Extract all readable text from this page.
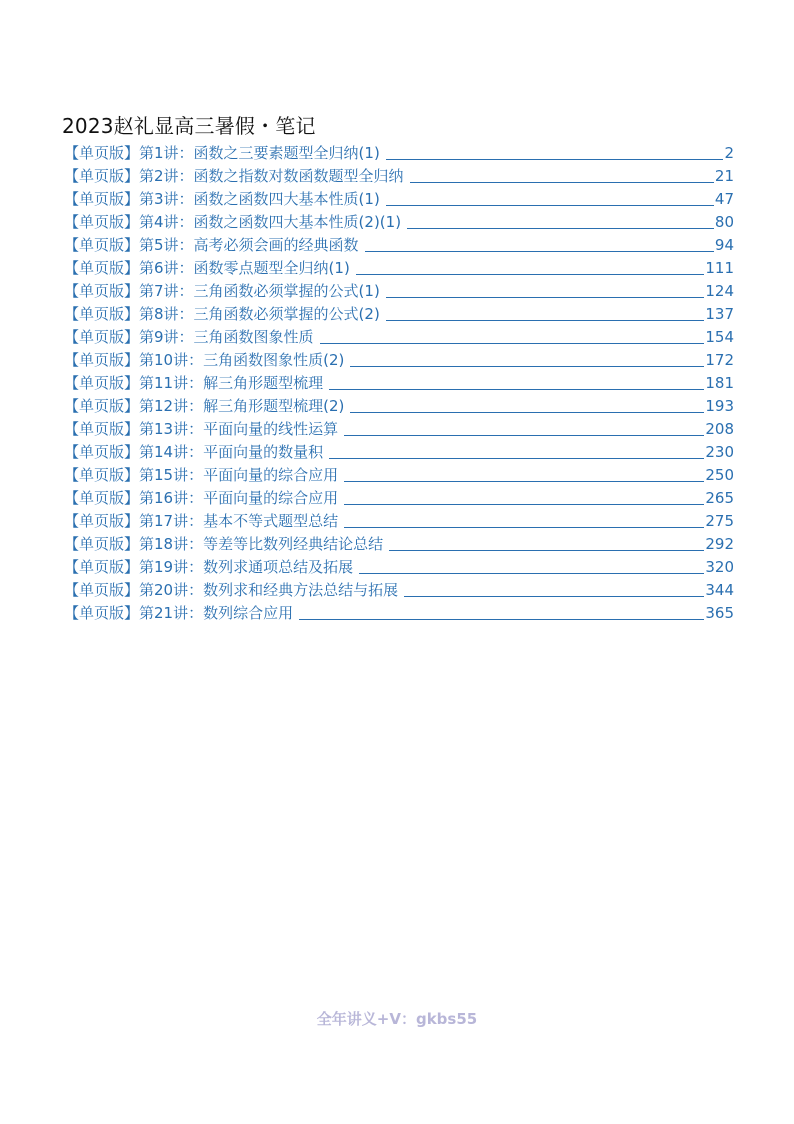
2023赵礼显高三暑假・笔记
【单页版】第1讲：函数之三要素题型全归纳(1)	2
【单页版】第2讲：函数之指数对数函数题型全归纳	21
【单页版】第3讲：函数之函数四大基本性质(1)	47
【单页版】第4讲：函数之函数四大基本性质(2)(1)	80
【单页版】第5讲：高考必须会画的经典函数	94
【单页版】第6讲：函数零点题型全归纳(1)	111
【单页版】第7讲：三角函数必须掌握的公式(1)	124
【单页版】第8讲：三角函数必须掌握的公式(2)	137
【单页版】第9讲：三角函数图象性质	154
【单页版】第10讲：三角函数图象性质(2)	172
【单页版】第11讲：解三角形题型梳理	181
【单页版】第12讲：解三角形题型梳理(2)	193
【单页版】第13讲：平面向量的线性运算	208
【单页版】第14讲：平面向量的数量积	230
【单页版】第15讲：平面向量的综合应用	250
【单页版】第16讲：平面向量的综合应用	265
【单页版】第17讲：基本不等式题型总结	275
【单页版】第18讲：等差等比数列经典结论总结	292
【单页版】第19讲：数列求通项总结及拓展	320
【单页版】第20讲：数列求和经典方法总结与拓展	344
【单页版】第21讲：数列综合应用	365
全年讲义+V：gkbs55
